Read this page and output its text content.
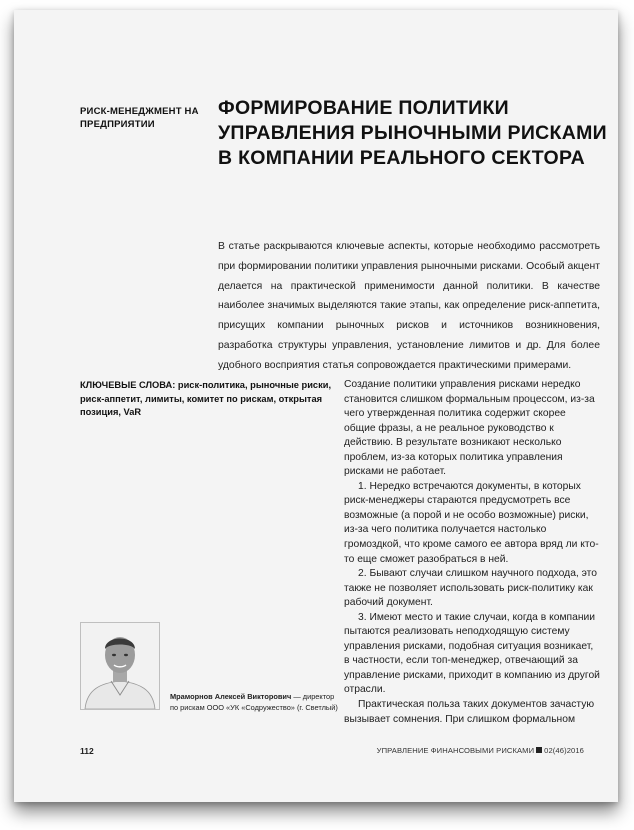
РИСК-МЕНЕДЖМЕНТ НА ПРЕДПРИЯТИИ
ФОРМИРОВАНИЕ ПОЛИТИКИ УПРАВЛЕНИЯ РЫНОЧНЫМИ РИСКАМИ В КОМПАНИИ РЕАЛЬНОГО СЕКТОРА

В статье раскрываются ключевые аспекты, которые необходимо рассмотреть при формировании политики управления рыночными рисками. Особый акцент делается на практической применимости данной политики. В качестве наиболее значимых выделяются такие этапы, как определение риск-аппетита, присущих компании рыночных рисков и источников возникновения, разработка структуры управления, установление лимитов и др. Для более удобного восприятия статья сопровождается практическими примерами.

КЛЮЧЕВЫЕ СЛОВА: риск-политика, рыночные риски, риск-аппетит, лимиты, комитет по рискам, открытая позиция, VaR

Создание политики управления рисками нередко становится слишком формальным процессом, из-за чего утвержденная политика содержит скорее общие фразы, а не реальное руководство к действию. В результате возникают несколько проблем, из-за которых политика управления рисками не работает.

1. Нередко встречаются документы, в которых риск-менеджеры стараются предусмотреть все возможные (а порой и не особо возможные) риски, из-за чего политика получается настолько громоздкой, что кроме самого ее автора вряд ли кто-то еще сможет разобраться в ней.

2. Бывают случаи слишком научного подхода, это также не позволяет использовать риск-политику как рабочий документ.

3. Имеют место и такие случаи, когда в компании пытаются реализовать неподходящую систему управления рисками, подобная ситуация возникает, в частности, если топ-менеджер, отвечающий за управление рисками, приходит в компанию из другой отрасли.

Практическая польза таких документов зачастую вызывает сомнения. При слишком формальном

Мраморнов Алексей Викторович — директор по рискам ООО «УК «Содружество» (г. Светлый)
112	УПРАВЛЕНИЕ ФИНАНСОВЫМИ РИСКАМИ 02(46)2016
